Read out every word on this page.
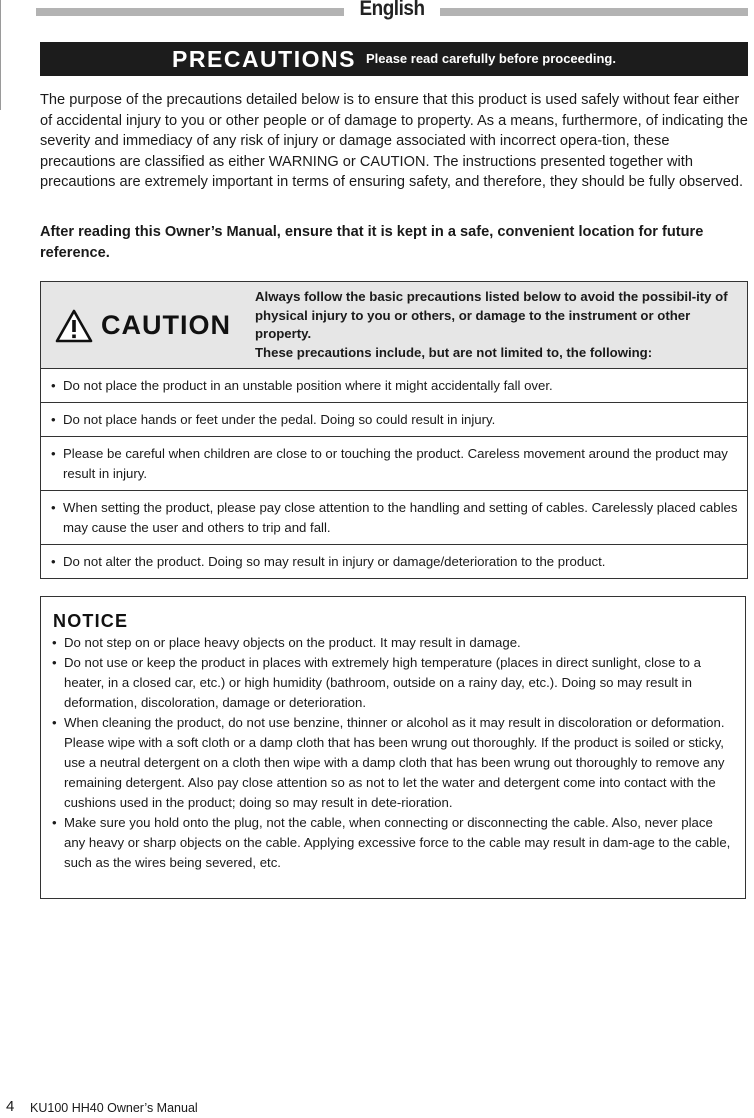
English
PRECAUTIONS Please read carefully before proceeding.

The purpose of the precautions detailed below is to ensure that this product is used safely without fear either of accidental injury to you or other people or of damage to property. As a means, furthermore, of indicating the severity and immediacy of any risk of injury or damage associated with incorrect opera-tion, these precautions are classified as either WARNING or CAUTION. The instructions presented together with precautions are extremely important in terms of ensuring safety, and therefore, they should be fully observed.

After reading this Owner’s Manual, ensure that it is kept in a safe, convenient location for future reference.

CAUTION

Always follow the basic precautions listed below to avoid the possibil-ity of physical injury to you or others, or damage to the instrument or other property.

These precautions include, but are not limited to, the following:

• Do not place the product in an unstable position where it might accidentally fall over.
• Do not place hands or feet under the pedal. Doing so could result in injury.
• Please be careful when children are close to or touching the product. Careless movement around the product may result in injury.
• When setting the product, please pay close attention to the handling and setting of cables. Carelessly placed cables may cause the user and others to trip and fall.
• Do not alter the product. Doing so may result in injury or damage/deterioration to the product.
NOTICE
• Do not step on or place heavy objects on the product. It may result in damage.
• Do not use or keep the product in places with extremely high temperature (places in direct sunlight, close to a heater, in a closed car, etc.) or high humidity (bathroom, outside on a rainy day, etc.). Doing so may result in deformation, discoloration, damage or deterioration.
• When cleaning the product, do not use benzine, thinner or alcohol as it may result in discoloration or deformation. Please wipe with a soft cloth or a damp cloth that has been wrung out thoroughly. If the product is soiled or sticky, use a neutral detergent on a cloth then wipe with a damp cloth that has been wrung out thoroughly to remove any remaining detergent. Also pay close attention so as not to let the water and detergent come into contact with the cushions used in the product; doing so may result in dete-rioration.
• Make sure you hold onto the plug, not the cable, when connecting or disconnecting the cable. Also, never place any heavy or sharp objects on the cable. Applying excessive force to the cable may result in dam-age to the cable, such as the wires being severed, etc.
4 KU100 HH40 Owner’s Manual
